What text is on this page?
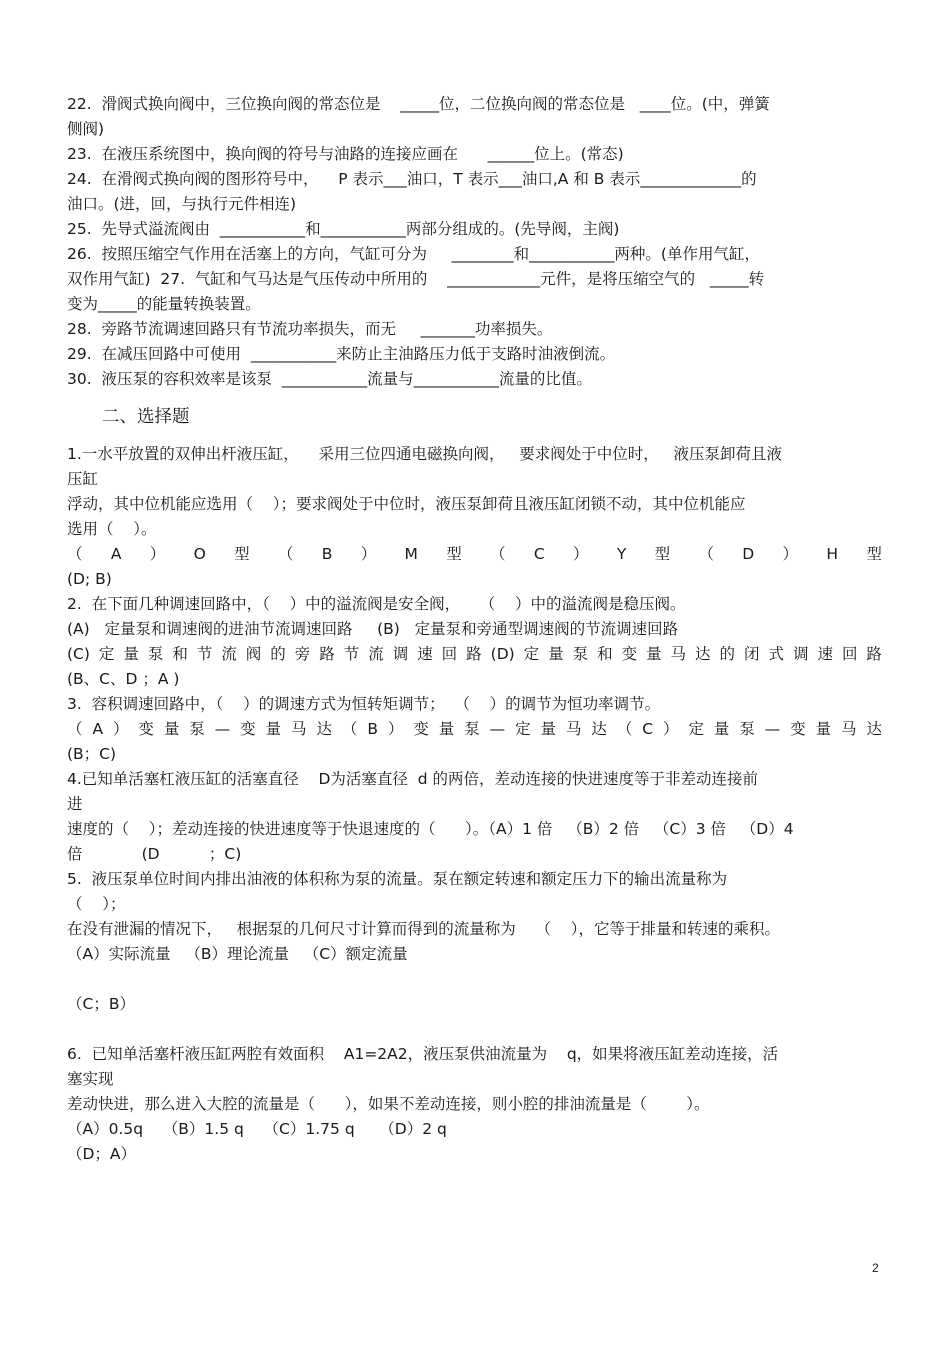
22.  滑阀式换向阀中，三位换向阀的常态位是    _____位，二位换向阀的常态位是   ____位。(中，弹簧
侧阀)
23.  在液压系统图中，换向阀的符号与油路的连接应画在      ______位上。(常态)
24.  在滑阀式换向阀的图形符号中，    P 表示___油口，T 表示___油口,A 和 B 表示_____________的
油口。(进，回，与执行元件相连)
25.  先导式溢流阀由  ___________和___________两部分组成的。(先导阀，主阀)
26.  按照压缩空气作用在活塞上的方向，气缸可分为     ________和___________两种。(单作用气缸，
双作用气缸)  27.  气缸和气马达是气压传动中所用的    ____________元件，是将压缩空气的   _____转
变为_____的能量转换装置。
28.  旁路节流调速回路只有节流功率损失，而无     _______功率损失。
29.  在减压回路中可使用  ___________来防止主油路压力低于支路时油液倒流。
30.  液压泵的容积效率是该泵  ___________流量与___________流量的比值。
二、选择题
1.一水平放置的双伸出杆液压缸，    采用三位四通电磁换向阀，   要求阀处于中位时，   液压泵卸荷且液
压缸
浮动，其中位机能应选用（    ）；要求阀处于中位时，液压泵卸荷且液压缸闭锁不动，其中位机能应
选用（    ）。
（ A ） O 型 （ B ） M 型 （ C ） Y 型 （ D ） H 型
(D; B)
2.  在下面几种调速回路中，（    ）中的溢流阀是安全阀，    （    ）中的溢流阀是稳压阀。
(A)   定量泵和调速阀的进油节流调速回路     (B)   定量泵和旁通型调速阀的节流调速回路
(C) 定 量 泵 和 节 流 阀 的 旁 路 节 流 调 速 回 路 (D) 定 量 泵 和 变 量 马 达 的 闭 式 调 速 回 路
(B、C、D ；A )
3.  容积调速回路中，（    ）的调速方式为恒转矩调节；  （    ）的调节为恒功率调节。
（ A ） 变 量 泵 — 变 量 马 达 （ B ） 变 量 泵 — 定 量 马 达 （ C ） 定 量 泵 — 变 量 马 达
(B；C)
4.已知单活塞杠液压缸的活塞直径    D为活塞直径  d 的两倍，差动连接的快进速度等于非差动连接前
进
速度的（    ）；差动连接的快进速度等于快退速度的（      ）。（A）1 倍   （B）2 倍   （C）3 倍   （D）4
倍            (D          ；C)
5.  液压泵单位时间内排出油液的体积称为泵的流量。泵在额定转速和额定压力下的输出流量称为
（    ）；
在没有泄漏的情况下，   根据泵的几何尺寸计算而得到的流量称为    （    ），它等于排量和转速的乘积。
（A）实际流量   （B）理论流量   （C）额定流量
（C；B）
6.  已知单活塞杆液压缸两腔有效面积    A1=2A2，液压泵供油流量为    q，如果将液压缸差动连接，活
塞实现
差动快进，那么进入大腔的流量是（      ），如果不差动连接，则小腔的排油流量是（        ）。
（A）0.5q    （B）1.5 q    （C）1.75 q     （D）2 q
（D；A）
2
